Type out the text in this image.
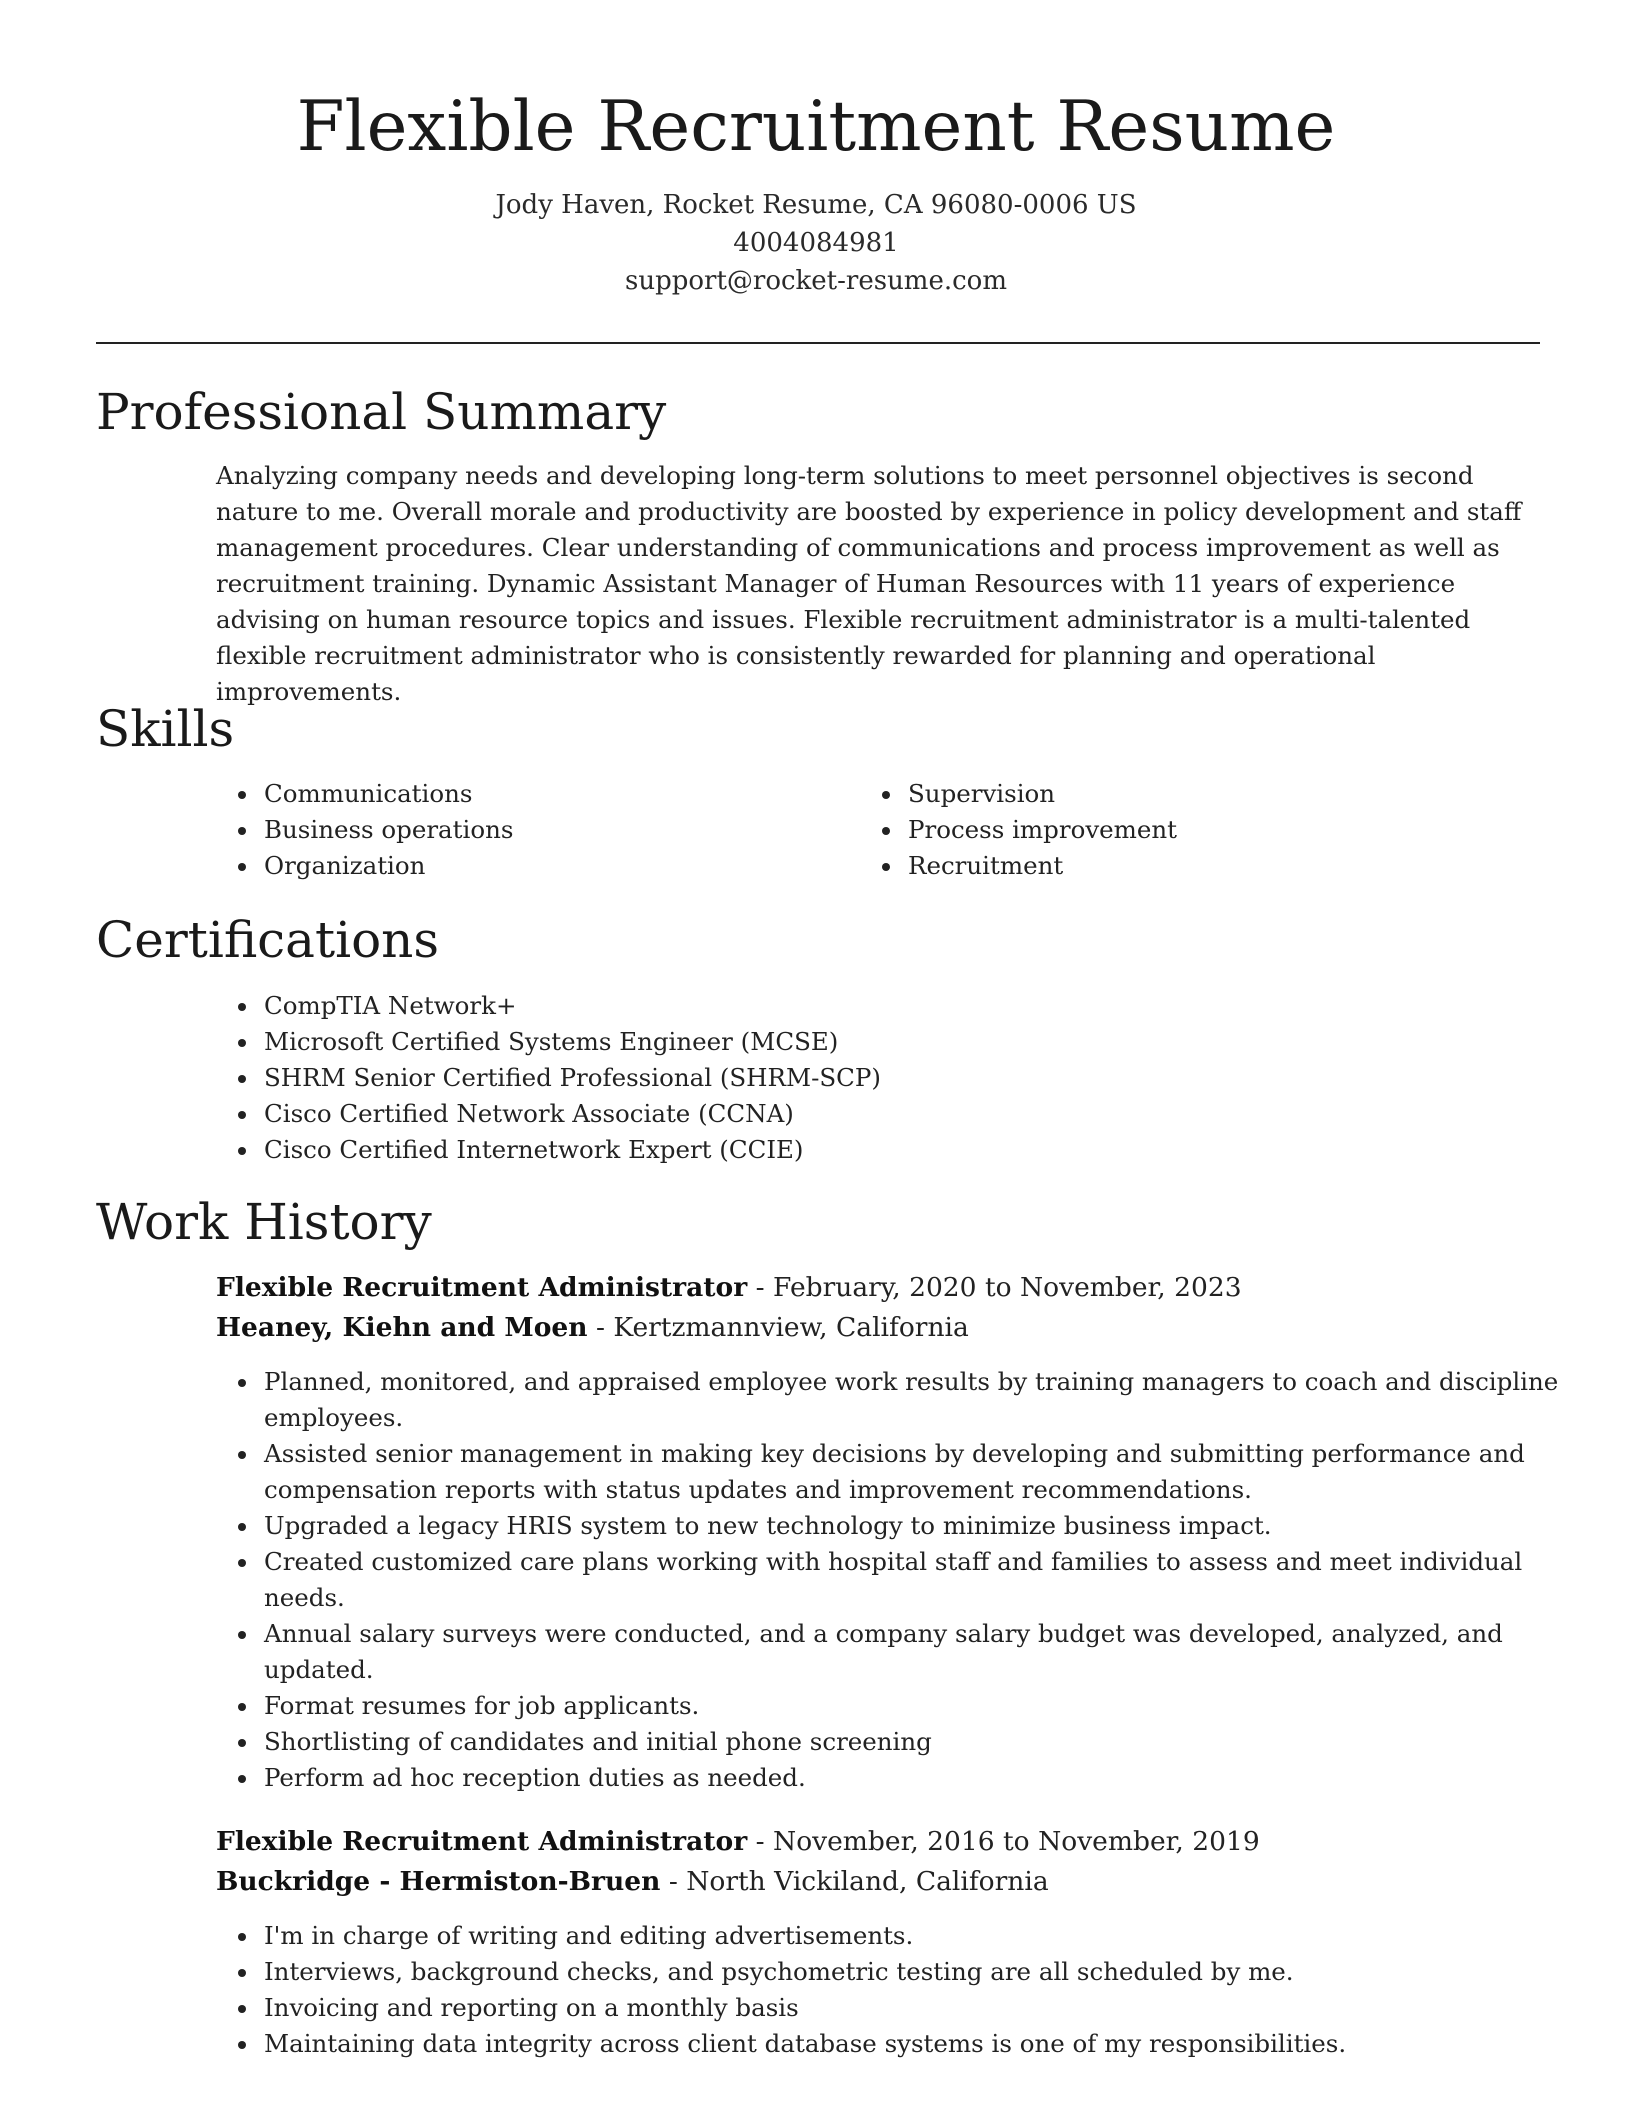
Flexible Recruitment Resume
Jody Haven, Rocket Resume, CA 96080-0006 US
4004084981
support@rocket-resume.com
Professional Summary

Analyzing company needs and developing long-term solutions to meet personnel objectives is second nature to me. Overall morale and productivity are boosted by experience in policy development and staff management procedures. Clear understanding of communications and process improvement as well as recruitment training. Dynamic Assistant Manager of Human Resources with 11 years of experience advising on human resource topics and issues. Flexible recruitment administrator is a multi-talented flexible recruitment administrator who is consistently rewarded for planning and operational improvements.

Skills
• Communications
• Business operations
• Organization
• Supervision
• Process improvement
• Recruitment
Certifications
• CompTIA Network+
• Microsoft Certified Systems Engineer (MCSE)
• SHRM Senior Certified Professional (SHRM-SCP)
• Cisco Certified Network Associate (CCNA)
• Cisco Certified Internetwork Expert (CCIE)
Work History
Flexible Recruitment Administrator - February, 2020 to November, 2023
Heaney, Kiehn and Moen - Kertzmannview, California
• Planned, monitored, and appraised employee work results by training managers to coach and discipline employees.
• Assisted senior management in making key decisions by developing and submitting performance and compensation reports with status updates and improvement recommendations.
• Upgraded a legacy HRIS system to new technology to minimize business impact.
• Created customized care plans working with hospital staff and families to assess and meet individual needs.
• Annual salary surveys were conducted, and a company salary budget was developed, analyzed, and updated.
• Format resumes for job applicants.
• Shortlisting of candidates and initial phone screening
• Perform ad hoc reception duties as needed.
Flexible Recruitment Administrator - November, 2016 to November, 2019
Buckridge - Hermiston-Bruen - North Vickiland, California
• I'm in charge of writing and editing advertisements.
• Interviews, background checks, and psychometric testing are all scheduled by me.
• Invoicing and reporting on a monthly basis
• Maintaining data integrity across client database systems is one of my responsibilities.
